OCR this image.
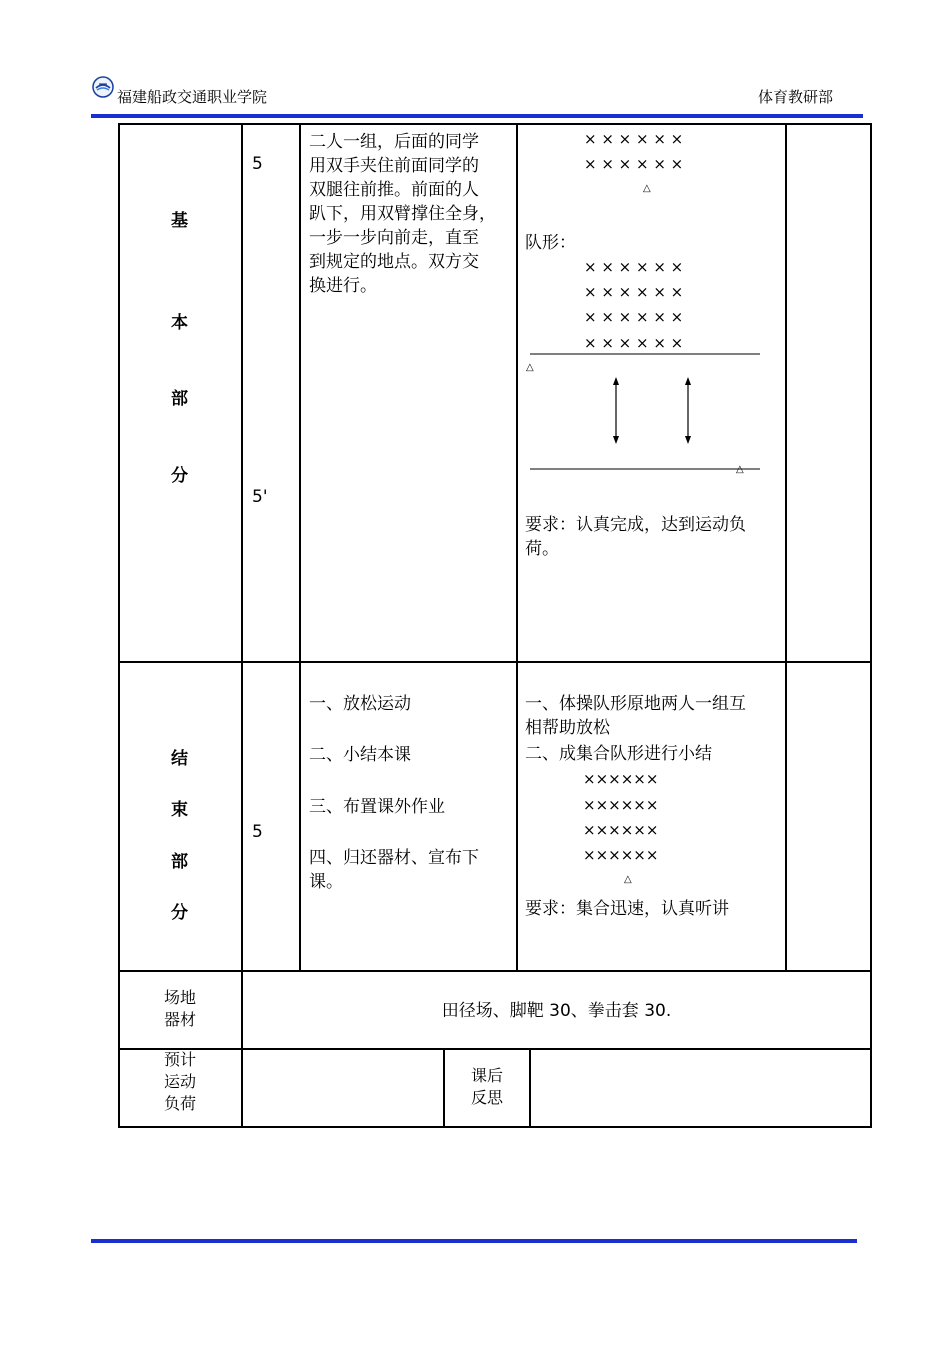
福建船政交通职业学院	体育教研部
基
本
部
分
5
5'
二人一组，后面的同学
用双手夹住前面同学的
双腿往前推。前面的人
趴下，用双臂撑住全身，
一步一步向前走，直至
到规定的地点。双方交
换进行。
× × × × × ×
× × × × × ×
△
队形：
× × × × × ×
× × × × × ×
× × × × × ×
× × × × × ×
△
△
要求：认真完成，达到运动负
荷。
结
束
部
分
5
一、放松运动
二、小结本课
三、布置课外作业
四、归还器材、宣布下
课。
一、体操队形原地两人一组互
相帮助放松
二、成集合队形进行小结
××××××
××××××
××××××
××××××
△
要求：集合迅速，认真听讲
场地
器材	田径场、脚靶 30、拳击套 30.
预计
运动
负荷
课后
反思
